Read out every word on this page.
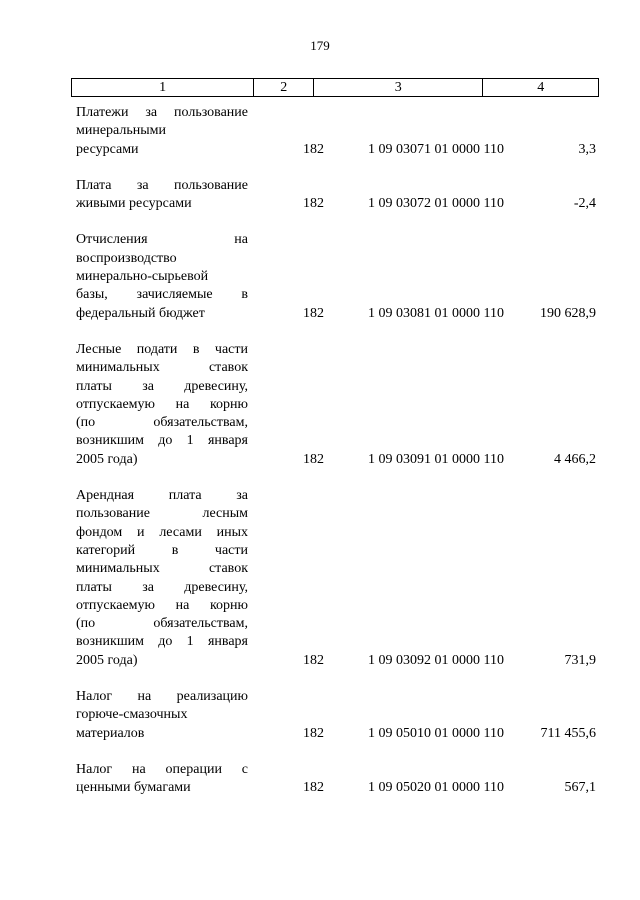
179
1	2	3	4
Платежи за пользование
минеральными
ресурсами	182	1 09 03071 01 0000 110	3,3
Плата за пользование
живыми ресурсами	182	1 09 03072 01 0000 110	-2,4
Отчисления на
воспроизводство
минерально-сырьевой
базы, зачисляемые в
федеральный бюджет	182	1 09 03081 01 0000 110	190 628,9
Лесные подати в части
минимальных ставок
платы за древесину,
отпускаемую на корню
(по обязательствам,
возникшим до 1 января
2005 года)	182	1 09 03091 01 0000 110	4 466,2
Арендная плата за
пользование лесным
фондом и лесами иных
категорий в части
минимальных ставок
платы за древесину,
отпускаемую на корню
(по обязательствам,
возникшим до 1 января
2005 года)	182	1 09 03092 01 0000 110	731,9
Налог на реализацию
горюче-смазочных
материалов	182	1 09 05010 01 0000 110	711 455,6
Налог на операции с
ценными бумагами	182	1 09 05020 01 0000 110	567,1
